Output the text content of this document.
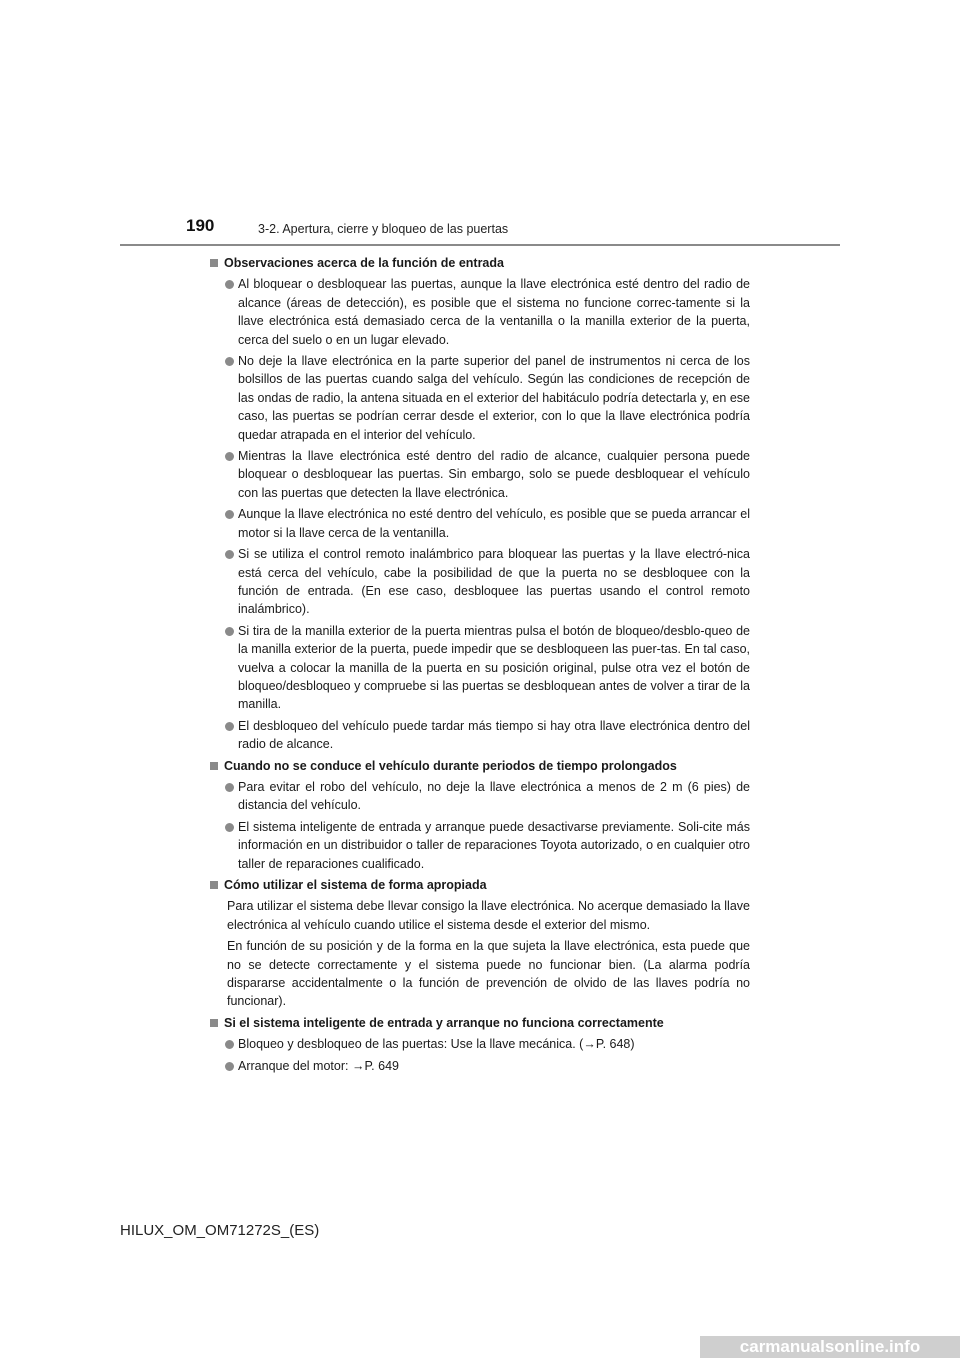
190	3-2. Apertura, cierre y bloqueo de las puertas
Observaciones acerca de la función de entrada
Al bloquear o desbloquear las puertas, aunque la llave electrónica esté dentro del radio de alcance (áreas de detección), es posible que el sistema no funcione correc-tamente si la llave electrónica está demasiado cerca de la ventanilla o la manilla exterior de la puerta, cerca del suelo o en un lugar elevado.
No deje la llave electrónica en la parte superior del panel de instrumentos ni cerca de los bolsillos de las puertas cuando salga del vehículo. Según las condiciones de recepción de las ondas de radio, la antena situada en el exterior del habitáculo podría detectarla y, en ese caso, las puertas se podrían cerrar desde el exterior, con lo que la llave electrónica podría quedar atrapada en el interior del vehículo.
Mientras la llave electrónica esté dentro del radio de alcance, cualquier persona puede bloquear o desbloquear las puertas. Sin embargo, solo se puede desbloquear el vehículo con las puertas que detecten la llave electrónica.
Aunque la llave electrónica no esté dentro del vehículo, es posible que se pueda arrancar el motor si la llave cerca de la ventanilla.
Si se utiliza el control remoto inalámbrico para bloquear las puertas y la llave electró-nica está cerca del vehículo, cabe la posibilidad de que la puerta no se desbloquee con la función de entrada. (En ese caso, desbloquee las puertas usando el control remoto inalámbrico).
Si tira de la manilla exterior de la puerta mientras pulsa el botón de bloqueo/desblo-queo de la manilla exterior de la puerta, puede impedir que se desbloqueen las puer-tas. En tal caso, vuelva a colocar la manilla de la puerta en su posición original, pulse otra vez el botón de bloqueo/desbloqueo y compruebe si las puertas se desbloquean antes de volver a tirar de la manilla.
El desbloqueo del vehículo puede tardar más tiempo si hay otra llave electrónica dentro del radio de alcance.
Cuando no se conduce el vehículo durante periodos de tiempo prolongados
Para evitar el robo del vehículo, no deje la llave electrónica a menos de 2 m (6 pies) de distancia del vehículo.
El sistema inteligente de entrada y arranque puede desactivarse previamente. Soli-cite más información en un distribuidor o taller de reparaciones Toyota autorizado, o en cualquier otro taller de reparaciones cualificado.
Cómo utilizar el sistema de forma apropiada
Para utilizar el sistema debe llevar consigo la llave electrónica. No acerque demasiado la llave electrónica al vehículo cuando utilice el sistema desde el exterior del mismo.
En función de su posición y de la forma en la que sujeta la llave electrónica, esta puede que no se detecte correctamente y el sistema puede no funcionar bien. (La alarma podría dispararse accidentalmente o la función de prevención de olvido de las llaves podría no funcionar).
Si el sistema inteligente de entrada y arranque no funciona correctamente
Bloqueo y desbloqueo de las puertas: Use la llave mecánica. (→P. 648)
Arranque del motor: →P. 649
HILUX_OM_OM71272S_(ES)
carmanualsonline.info
